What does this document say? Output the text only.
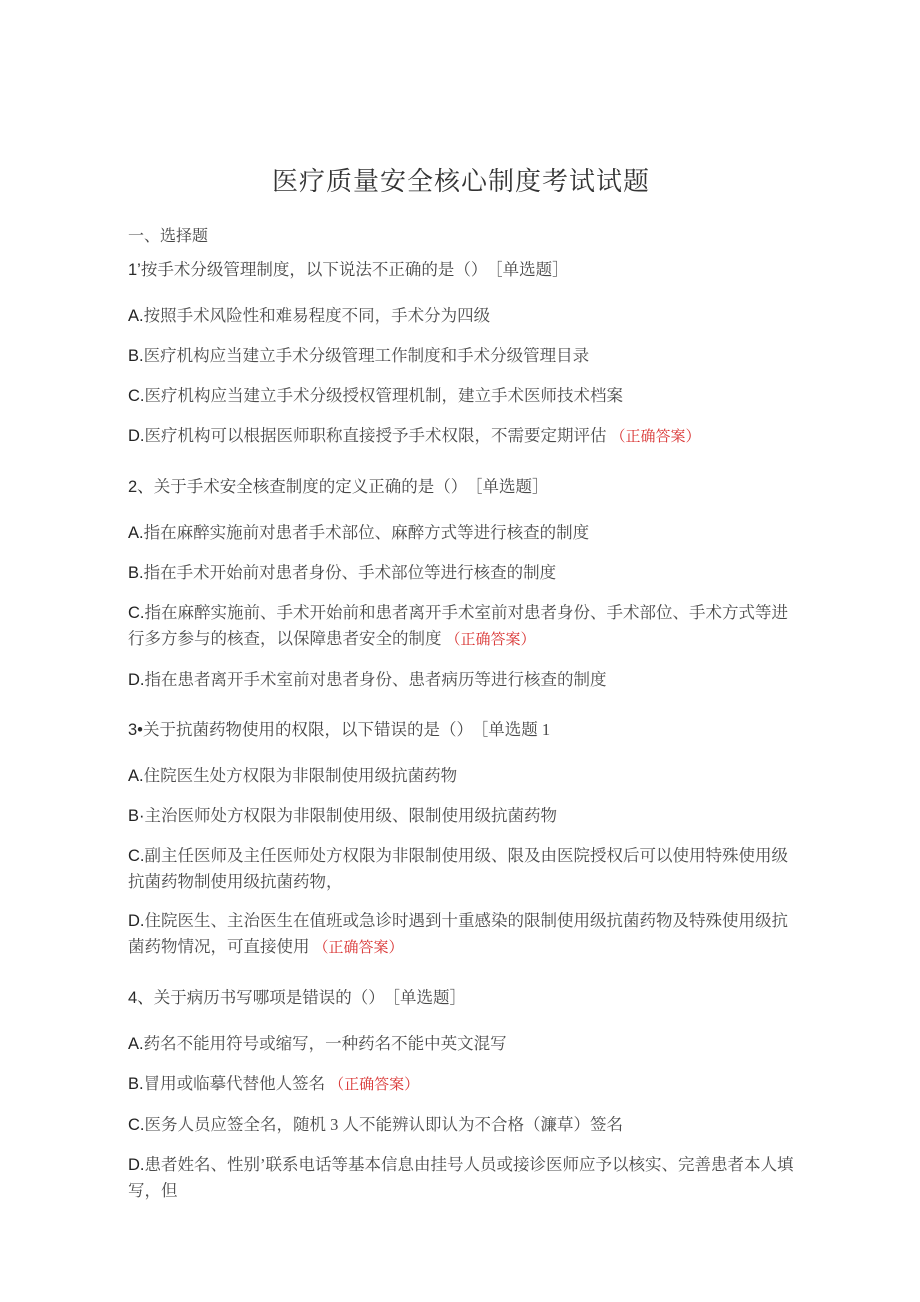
医疗质量安全核心制度考试试题
一、选择题

1’按手术分级管理制度，以下说法不正确的是（） ［单选题］

A.按照手术风险性和难易程度不同，手术分为四级

B.医疗机构应当建立手术分级管理工作制度和手术分级管理目录

C.医疗机构应当建立手术分级授权管理机制，建立手术医师技术档案

D.医疗机构可以根据医师职称直接授予手术权限，不需要定期评估 （正确答案）

2、关于手术安全核查制度的定义正确的是（） ［单选题］

A.指在麻醉实施前对患者手术部位、麻醉方式等进行核查的制度

B.指在手术开始前对患者身份、手术部位等进行核查的制度

C.指在麻醉实施前、手术开始前和患者离开手术室前对患者身份、手术部位、手术方式等进行多方参与的核查，以保障患者安全的制度 （正确答案）

D.指在患者离开手术室前对患者身份、患者病历等进行核查的制度

3•关于抗菌药物使用的权限，以下错误的是（） ［单选题 1

A.住院医生处方权限为非限制使用级抗菌药物

B·主治医师处方权限为非限制使用级、限制使用级抗菌药物

C.副主任医师及主任医师处方权限为非限制使用级、限及由医院授权后可以使用特殊使用级抗菌药物制使用级抗菌药物，

D.住院医生、主治医生在值班或急诊时遇到十重感染的限制使用级抗菌药物及特殊使用级抗菌药物情况，可直接使用 （正确答案）

4、关于病历书写哪项是错误的（） ［单选题］

A.药名不能用符号或缩写，一种药名不能中英文混写

B.冒用或临摹代替他人签名 （正确答案）

C.医务人员应签全名，随机 3 人不能辨认即认为不合格（濂草）签名

D.患者姓名、性别’联系电话等基本信息由挂号人员或接诊医师应予以核实、完善患者本人填写，但
